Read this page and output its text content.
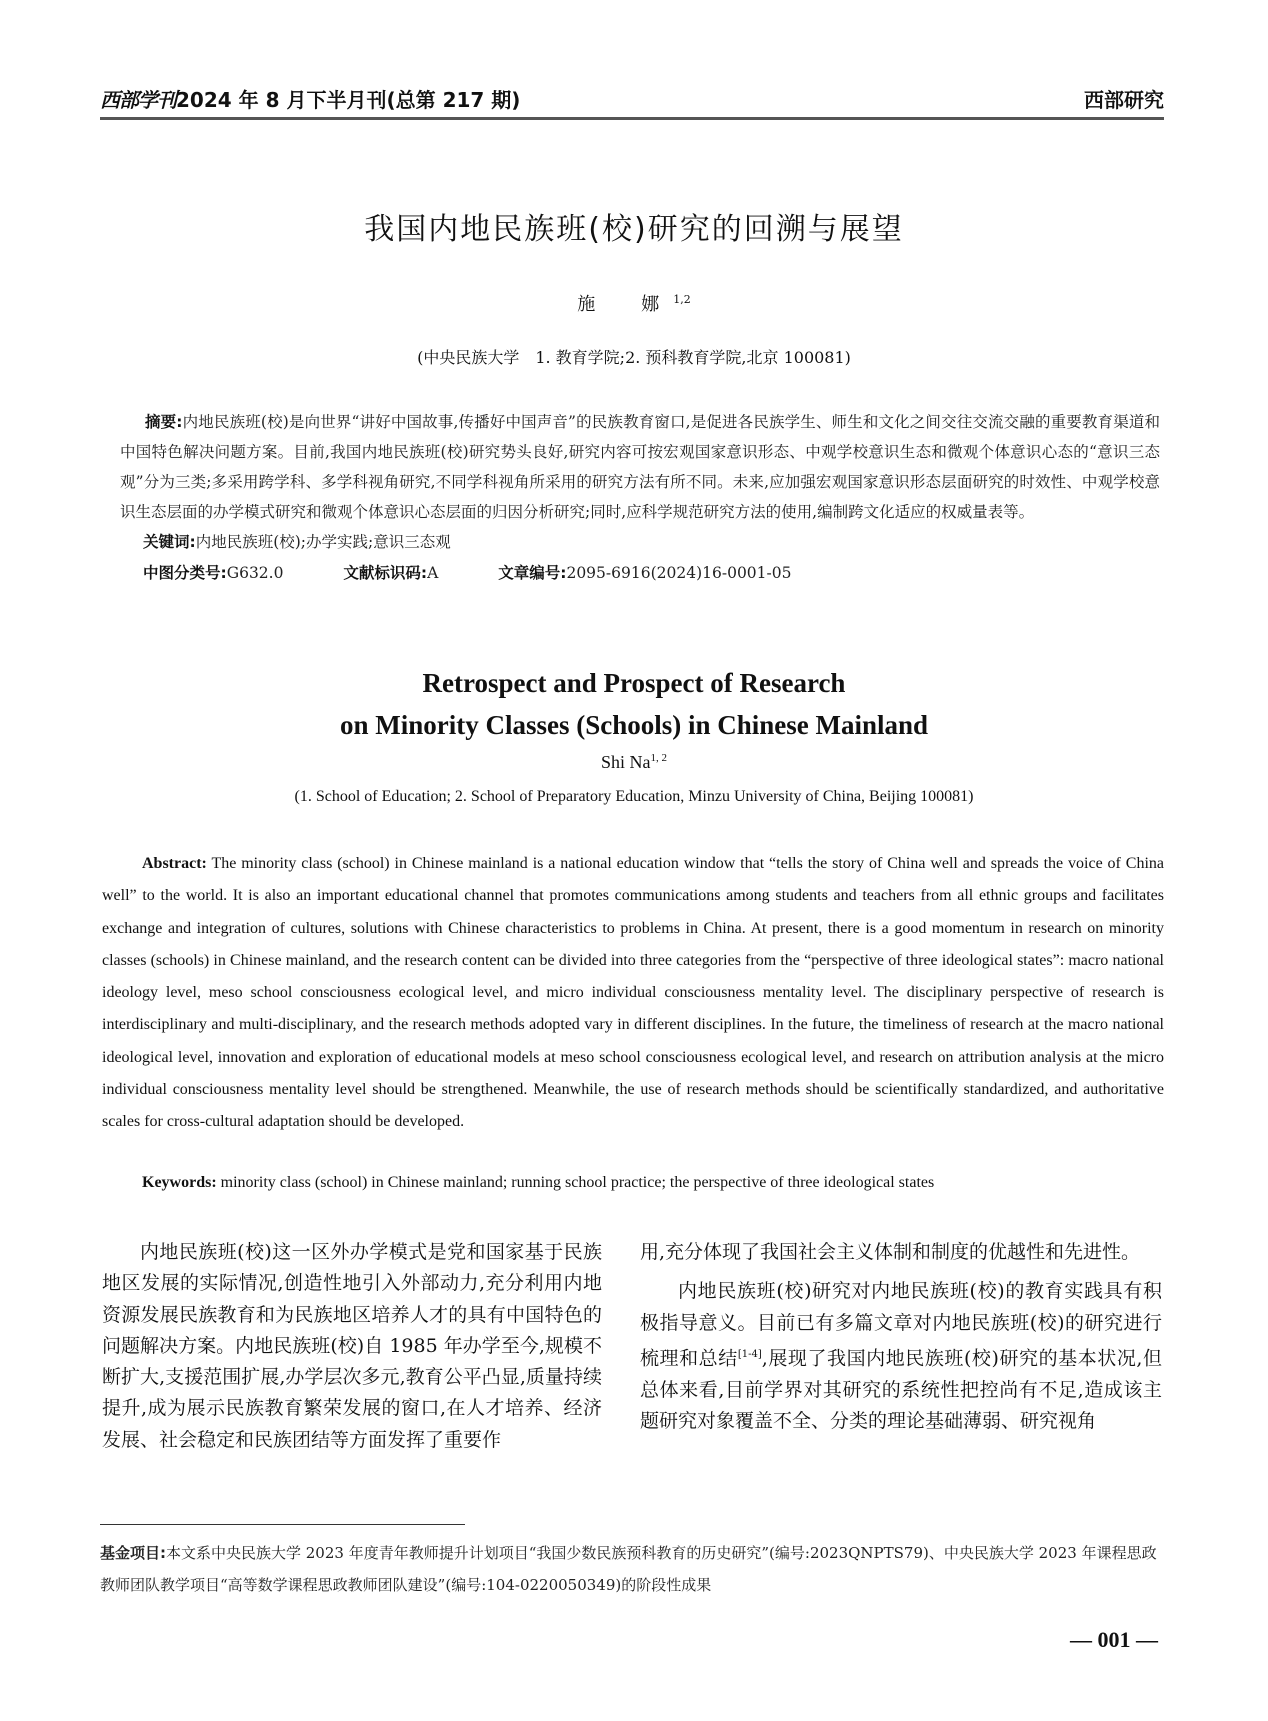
西部学刊2024 年 8 月下半月刊(总第 217 期)	西部研究
我国内地民族班(校)研究的回溯与展望
施　娜$^{1,2}$
(中央民族大学　1. 教育学院;2. 预科教育学院,北京 100081)
摘要:内地民族班(校)是向世界“讲好中国故事,传播好中国声音”的民族教育窗口,是促进各民族学生、师生和文化之间交往交流交融的重要教育渠道和中国特色解决问题方案。目前,我国内地民族班(校)研究势头良好,研究内容可按宏观国家意识形态、中观学校意识生态和微观个体意识心态的“意识三态观”分为三类;多采用跨学科、多学科视角研究,不同学科视角所采用的研究方法有所不同。未来,应加强宏观国家意识形态层面研究的时效性、中观学校意识生态层面的办学模式研究和微观个体意识心态层面的归因分析研究;同时,应科学规范研究方法的使用,编制跨文化适应的权威量表等。
关键词:内地民族班(校);办学实践;意识三态观
中图分类号:G632.0	文献标识码:A	文章编号:2095-6916(2024)16-0001-05
Retrospect and Prospect of Research
on Minority Classes (Schools) in Chinese Mainland
Shi Na$^{1, 2}$
(1. School of Education; 2. School of Preparatory Education, Minzu University of China, Beijing 100081)
Abstract: The minority class (school) in Chinese mainland is a national education window that “tells the story of China well and spreads the voice of China well” to the world. It is also an important educational channel that promotes communications among students and teachers from all ethnic groups and facilitates exchange and integration of cultures, solutions with Chinese characteristics to problems in China. At present, there is a good momentum in research on minority classes (schools) in Chinese mainland, and the research content can be divided into three categories from the “perspective of three ideological states”: macro national ideology level, meso school consciousness ecological level, and micro individual consciousness mentality level. The disciplinary perspective of research is interdisciplinary and multi-disciplinary, and the research methods adopted vary in different disciplines. In the future, the timeliness of research at the macro national ideological level, innovation and exploration of educational models at meso school consciousness ecological level, and research on attribution analysis at the micro individual consciousness mentality level should be strengthened. Meanwhile, the use of research methods should be scientifically standardized, and authoritative scales for cross-cultural adaptation should be developed.
Keywords: minority class (school) in Chinese mainland; running school practice; the perspective of three ideological states

内地民族班(校)这一区外办学模式是党和国家基于民族地区发展的实际情况,创造性地引入外部动力,充分利用内地资源发展民族教育和为民族地区培养人才的具有中国特色的问题解决方案。内地民族班(校)自 1985 年办学至今,规模不断扩大,支援范围扩展,办学层次多元,教育公平凸显,质量持续提升,成为展示民族教育繁荣发展的窗口,在人才培养、经济发展、社会稳定和民族团结等方面发挥了重要作

用,充分体现了我国社会主义体制和制度的优越性和先进性。

内地民族班(校)研究对内地民族班(校)的教育实践具有积极指导意义。目前已有多篇文章对内地民族班(校)的研究进行梳理和总结[1-4],展现了我国内地民族班(校)研究的基本状况,但总体来看,目前学界对其研究的系统性把控尚有不足,造成该主题研究对象覆盖不全、分类的理论基础薄弱、研究视角

基金项目:本文系中央民族大学 2023 年度青年教师提升计划项目“我国少数民族预科教育的历史研究”(编号:2023QNPTS79)、中央民族大学 2023 年课程思政教师团队教学项目“高等数学课程思政教师团队建设”(编号:104-0220050349)的阶段性成果
— 001 —
